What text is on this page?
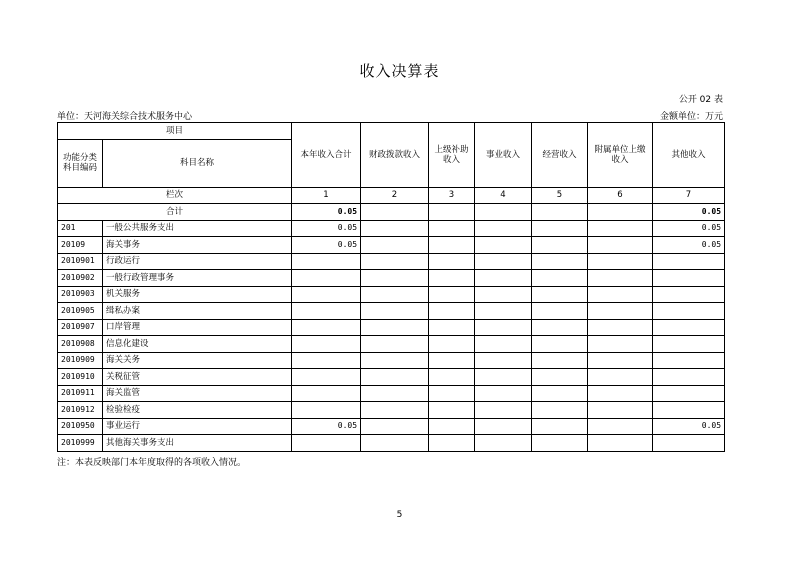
收入决算表
公开 02 表
单位：天河海关综合技术服务中心	金额单位：万元
项目		本年收入合计	财政拨款收入	上级补助收入	事业收入	经营收入	附属单位上缴收入	其他收入
功能分类科目编码	科目名称							
栏次		1	2	3	4	5	6	7
合计		0.05						0.05
201	一般公共服务支出	0.05						0.05
20109	海关事务	0.05						0.05
2010901	行政运行							
2010902	一般行政管理事务							
2010903	机关服务							
2010905	缉私办案							
2010907	口岸管理							
2010908	信息化建设							
2010909	海关关务							
2010910	关税征管							
2010911	海关监管							
2010912	检验检疫							
2010950	事业运行	0.05						0.05
2010999	其他海关事务支出							
注：本表反映部门本年度取得的各项收入情况。
5
